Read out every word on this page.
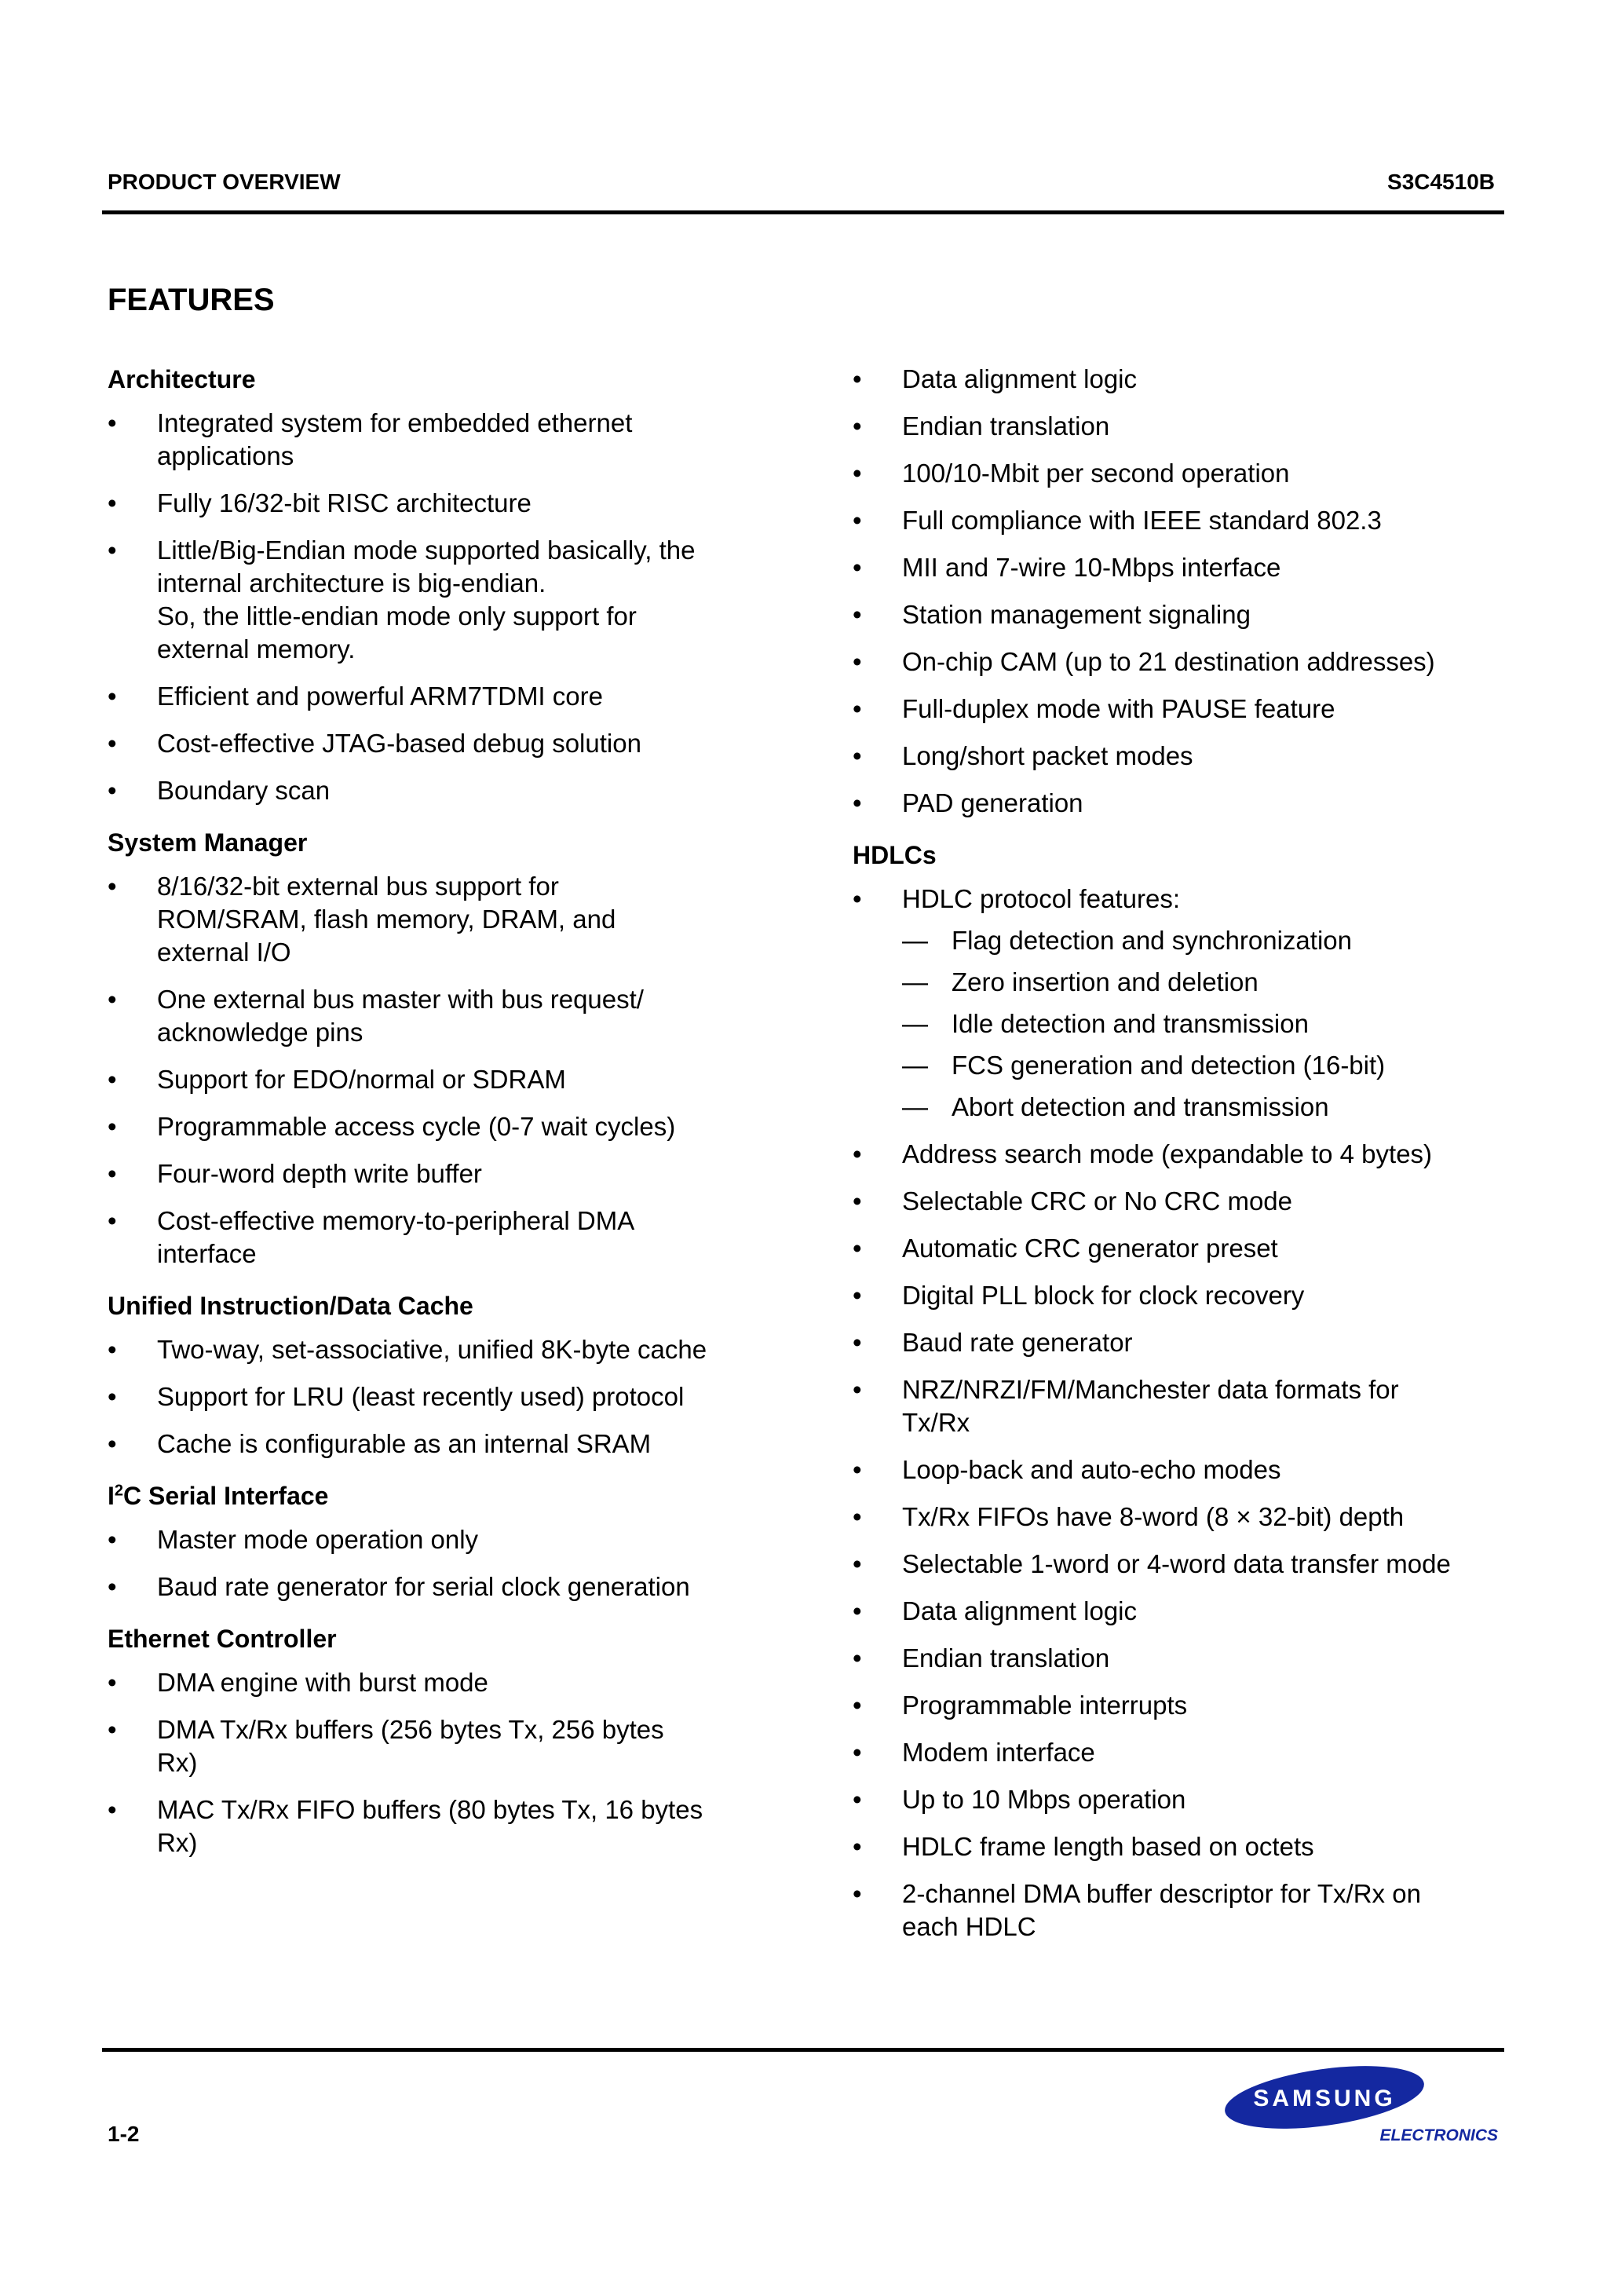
PRODUCT OVERVIEW	S3C4510B
FEATURES
Architecture
•	Integrated system for embedded ethernet
applications
•	Fully 16/32-bit RISC architecture
•	Little/Big-Endian mode supported basically, the
internal architecture is big-endian.
So, the little-endian mode only support for
external memory.
•	Efficient and powerful ARM7TDMI core
•	Cost-effective JTAG-based debug solution
•	Boundary scan
System Manager
•	8/16/32-bit external bus support for
ROM/SRAM, flash memory, DRAM, and
external I/O
•	One external bus master with bus request/
acknowledge pins
•	Support for EDO/normal or SDRAM
•	Programmable access cycle (0-7 wait cycles)
•	Four-word depth write buffer
•	Cost-effective memory-to-peripheral DMA
interface
Unified Instruction/Data Cache
•	Two-way, set-associative, unified 8K-byte cache
•	Support for LRU (least recently used) protocol
•	Cache is configurable as an internal SRAM
$I^2C$ Serial Interface
•	Master mode operation only
•	Baud rate generator for serial clock generation
Ethernet Controller
•	DMA engine with burst mode
•	DMA Tx/Rx buffers (256 bytes Tx, 256 bytes
Rx)
•	MAC Tx/Rx FIFO buffers (80 bytes Tx, 16 bytes
Rx)
•	Data alignment logic
•	Endian translation
•	100/10-Mbit per second operation
•	Full compliance with IEEE standard 802.3
•	MII and 7-wire 10-Mbps interface
•	Station management signaling
•	On-chip CAM (up to 21 destination addresses)
•	Full-duplex mode with PAUSE feature
•	Long/short packet modes
•	PAD generation
HDLCs
•	HDLC protocol features:
— Flag detection and synchronization
— Zero insertion and deletion
— Idle detection and transmission
— FCS generation and detection (16-bit)
— Abort detection and transmission
•	Address search mode (expandable to 4 bytes)
•	Selectable CRC or No CRC mode
•	Automatic CRC generator preset
•	Digital PLL block for clock recovery
•	Baud rate generator
•	NRZ/NRZI/FM/Manchester data formats for
Tx/Rx
•	Loop-back and auto-echo modes
•	Tx/Rx FIFOs have 8-word (8 × 32-bit) depth
•	Selectable 1-word or 4-word data transfer mode
•	Data alignment logic
•	Endian translation
•	Programmable interrupts
•	Modem interface
•	Up to 10 Mbps operation
•	HDLC frame length based on octets
•	2-channel DMA buffer descriptor for Tx/Rx on
each HDLC
1-2
SAMSUNG
ELECTRONICS
